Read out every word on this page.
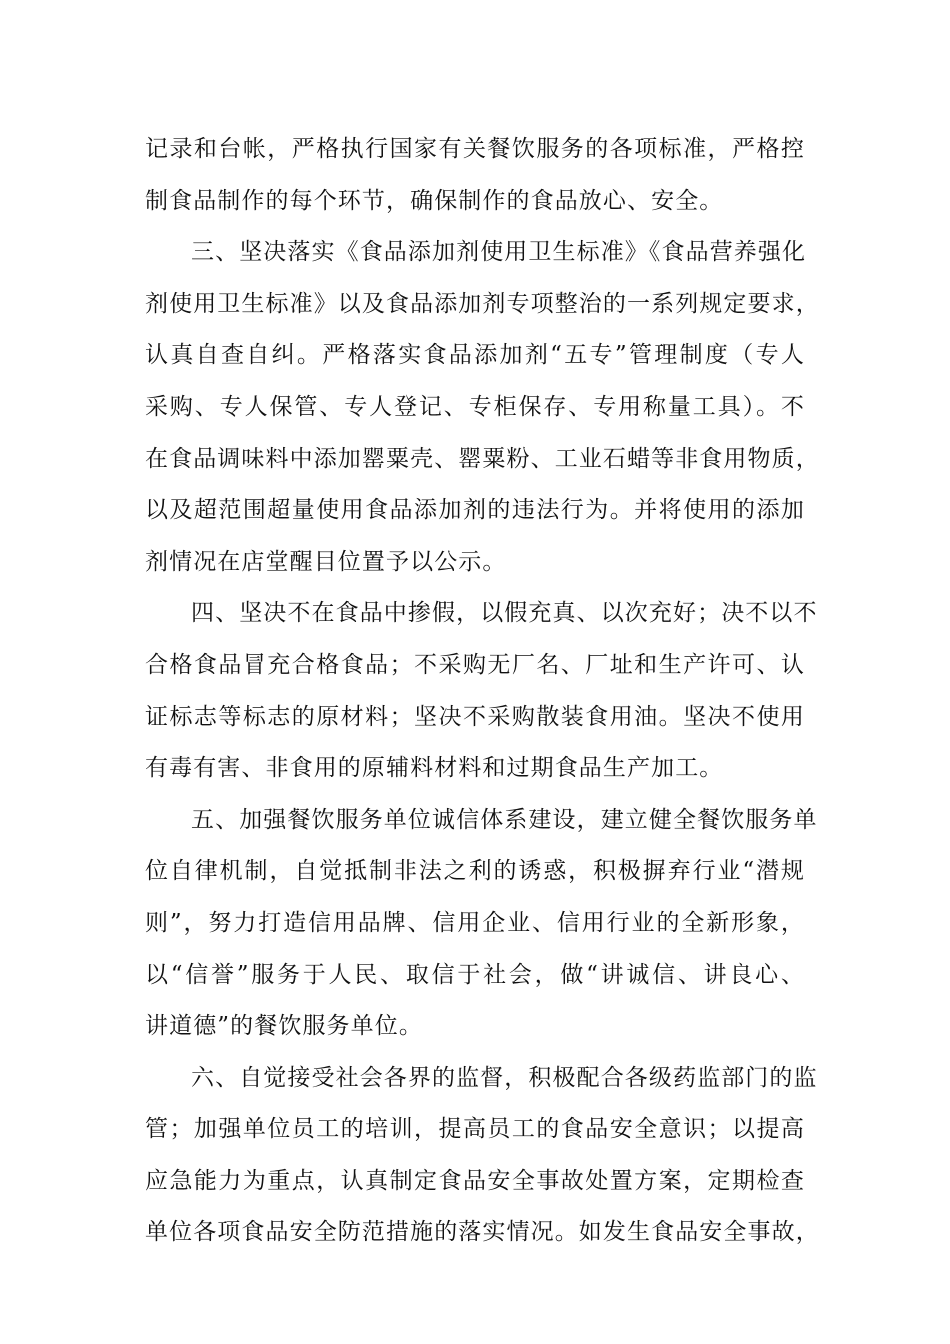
记录和台帐，严格执行国家有关餐饮服务的各项标准，严格控
制食品制作的每个环节，确保制作的食品放心、安全。
三、坚决落实《食品添加剂使用卫生标准》《食品营养强化
剂使用卫生标准》以及食品添加剂专项整治的一系列规定要求，
认真自查自纠。严格落实食品添加剂“五专”管理制度（专人
采购、专人保管、专人登记、专柜保存、专用称量工具）。不
在食品调味料中添加罂粟壳、罂粟粉、工业石蜡等非食用物质，
以及超范围超量使用食品添加剂的违法行为。并将使用的添加
剂情况在店堂醒目位置予以公示。
四、坚决不在食品中掺假，以假充真、以次充好；决不以不
合格食品冒充合格食品；不采购无厂名、厂址和生产许可、认
证标志等标志的原材料；坚决不采购散装食用油。坚决不使用
有毒有害、非食用的原辅料材料和过期食品生产加工。
五、加强餐饮服务单位诚信体系建设，建立健全餐饮服务单
位自律机制，自觉抵制非法之利的诱惑，积极摒弃行业“潜规
则”，努力打造信用品牌、信用企业、信用行业的全新形象，
以“信誉”服务于人民、取信于社会，做“讲诚信、讲良心、
讲道德”的餐饮服务单位。
六、自觉接受社会各界的监督，积极配合各级药监部门的监
管；加强单位员工的培训，提高员工的食品安全意识；以提高
应急能力为重点，认真制定食品安全事故处置方案，定期检查
单位各项食品安全防范措施的落实情况。如发生食品安全事故，
